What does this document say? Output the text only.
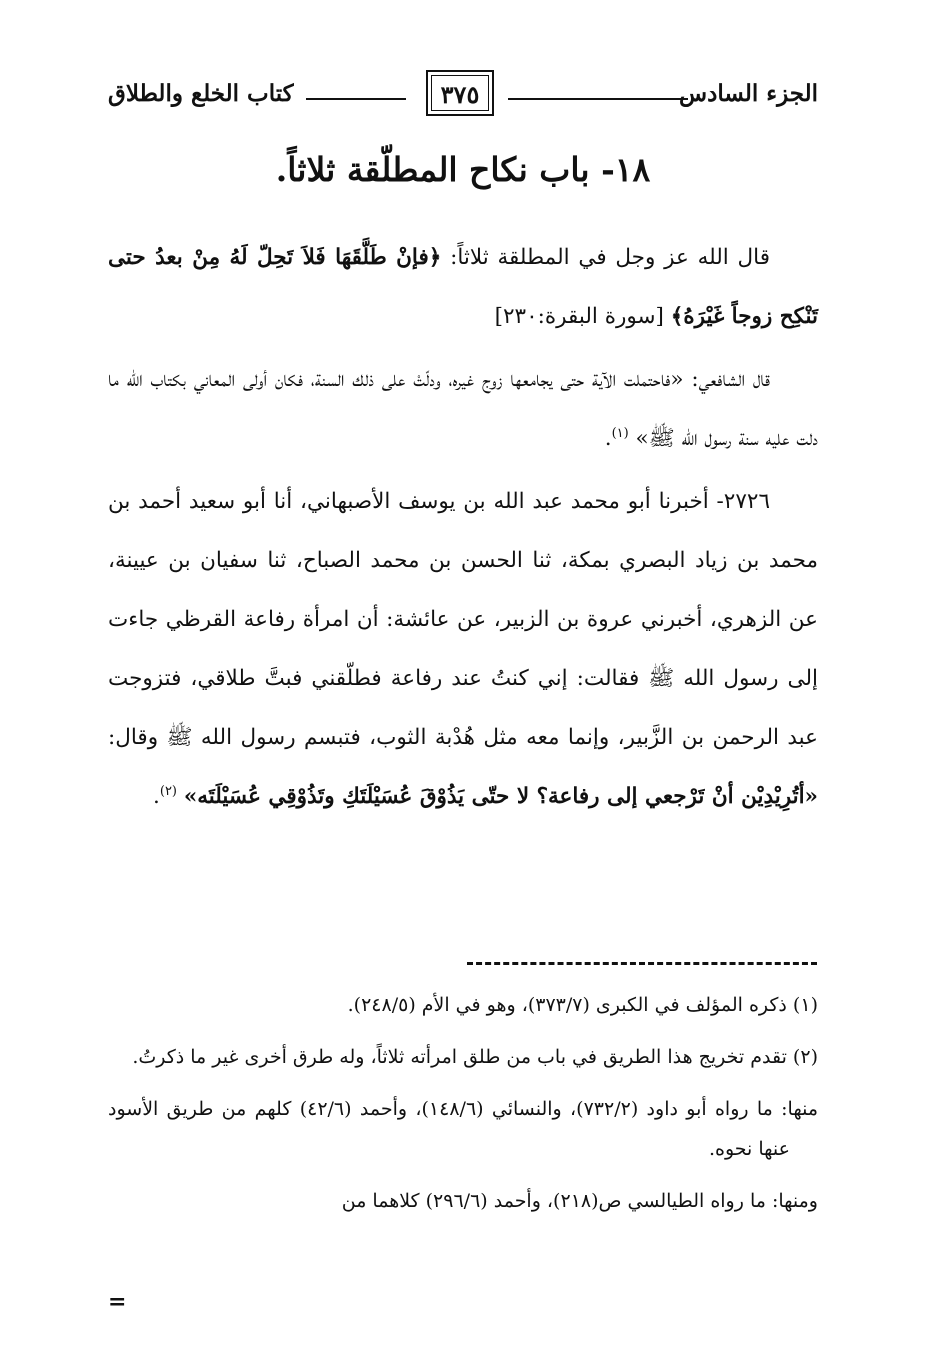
الجزء السادس
٣٧٥
كتاب الخلع والطلاق
١٨- باب نكاح المطلّقة ثلاثاً.

قال الله عز وجل في المطلقة ثلاثاً: ﴿فإنْ طَلَّقَهَا فَلاَ تَحِلّ لَهُ مِنْ بعدُ حتى تَنْكِح زوجاً غَيْرَهُ﴾ [سورة البقرة:٢٣٠]

قال الشافعي: «فاحتملت الآية حتى يجامعها زوج غيره، ودلّتْ على ذلك السنة، فكان أولى المعاني بكتاب الله ما دلت عليه سنة رسول الله ﷺ» $^{(١)}$.

٢٧٢٦- أخبرنا أبو محمد عبد الله بن يوسف الأصبهاني، أنا أبو سعيد أحمد بن محمد بن زياد البصري بمكة، ثنا الحسن بن محمد الصباح، ثنا سفيان بن عيينة، عن الزهري، أخبرني عروة بن الزبير، عن عائشة: أن امرأة رفاعة القرظي جاءت إلى رسول الله ﷺ فقالت: إني كنتُ عند رفاعة فطلّقني فبتَّ طلاقي، فتزوجت عبد الرحمن بن الزَّبير، وإنما معه مثل هُدْبة الثوب، فتبسم رسول الله ﷺ وقال: «أتُرِيْدِيْن أنْ تَرْجعي إلى رفاعة؟ لا حتّى يَذُوْقَ عُسَيْلَتَكِ وتَذُوْقِي عُسَيْلَتَه» $^{(٢)}$.

(١) ذكره المؤلف في الكبرى (٣٧٣/٧)، وهو في الأم (٢٤٨/٥).

(٢) تقدم تخريج هذا الطريق في باب من طلق امرأته ثلاثاً، وله طرق أخرى غير ما ذكرتُ.

منها: ما رواه أبو داود (٧٣٢/٢)، والنسائي (١٤٨/٦)، وأحمد (٤٢/٦) كلهم من طريق الأسود عنها نحوه.

ومنها: ما رواه الطيالسي ص(٢١٨)، وأحمد (٢٩٦/٦) كلاهما من

=
